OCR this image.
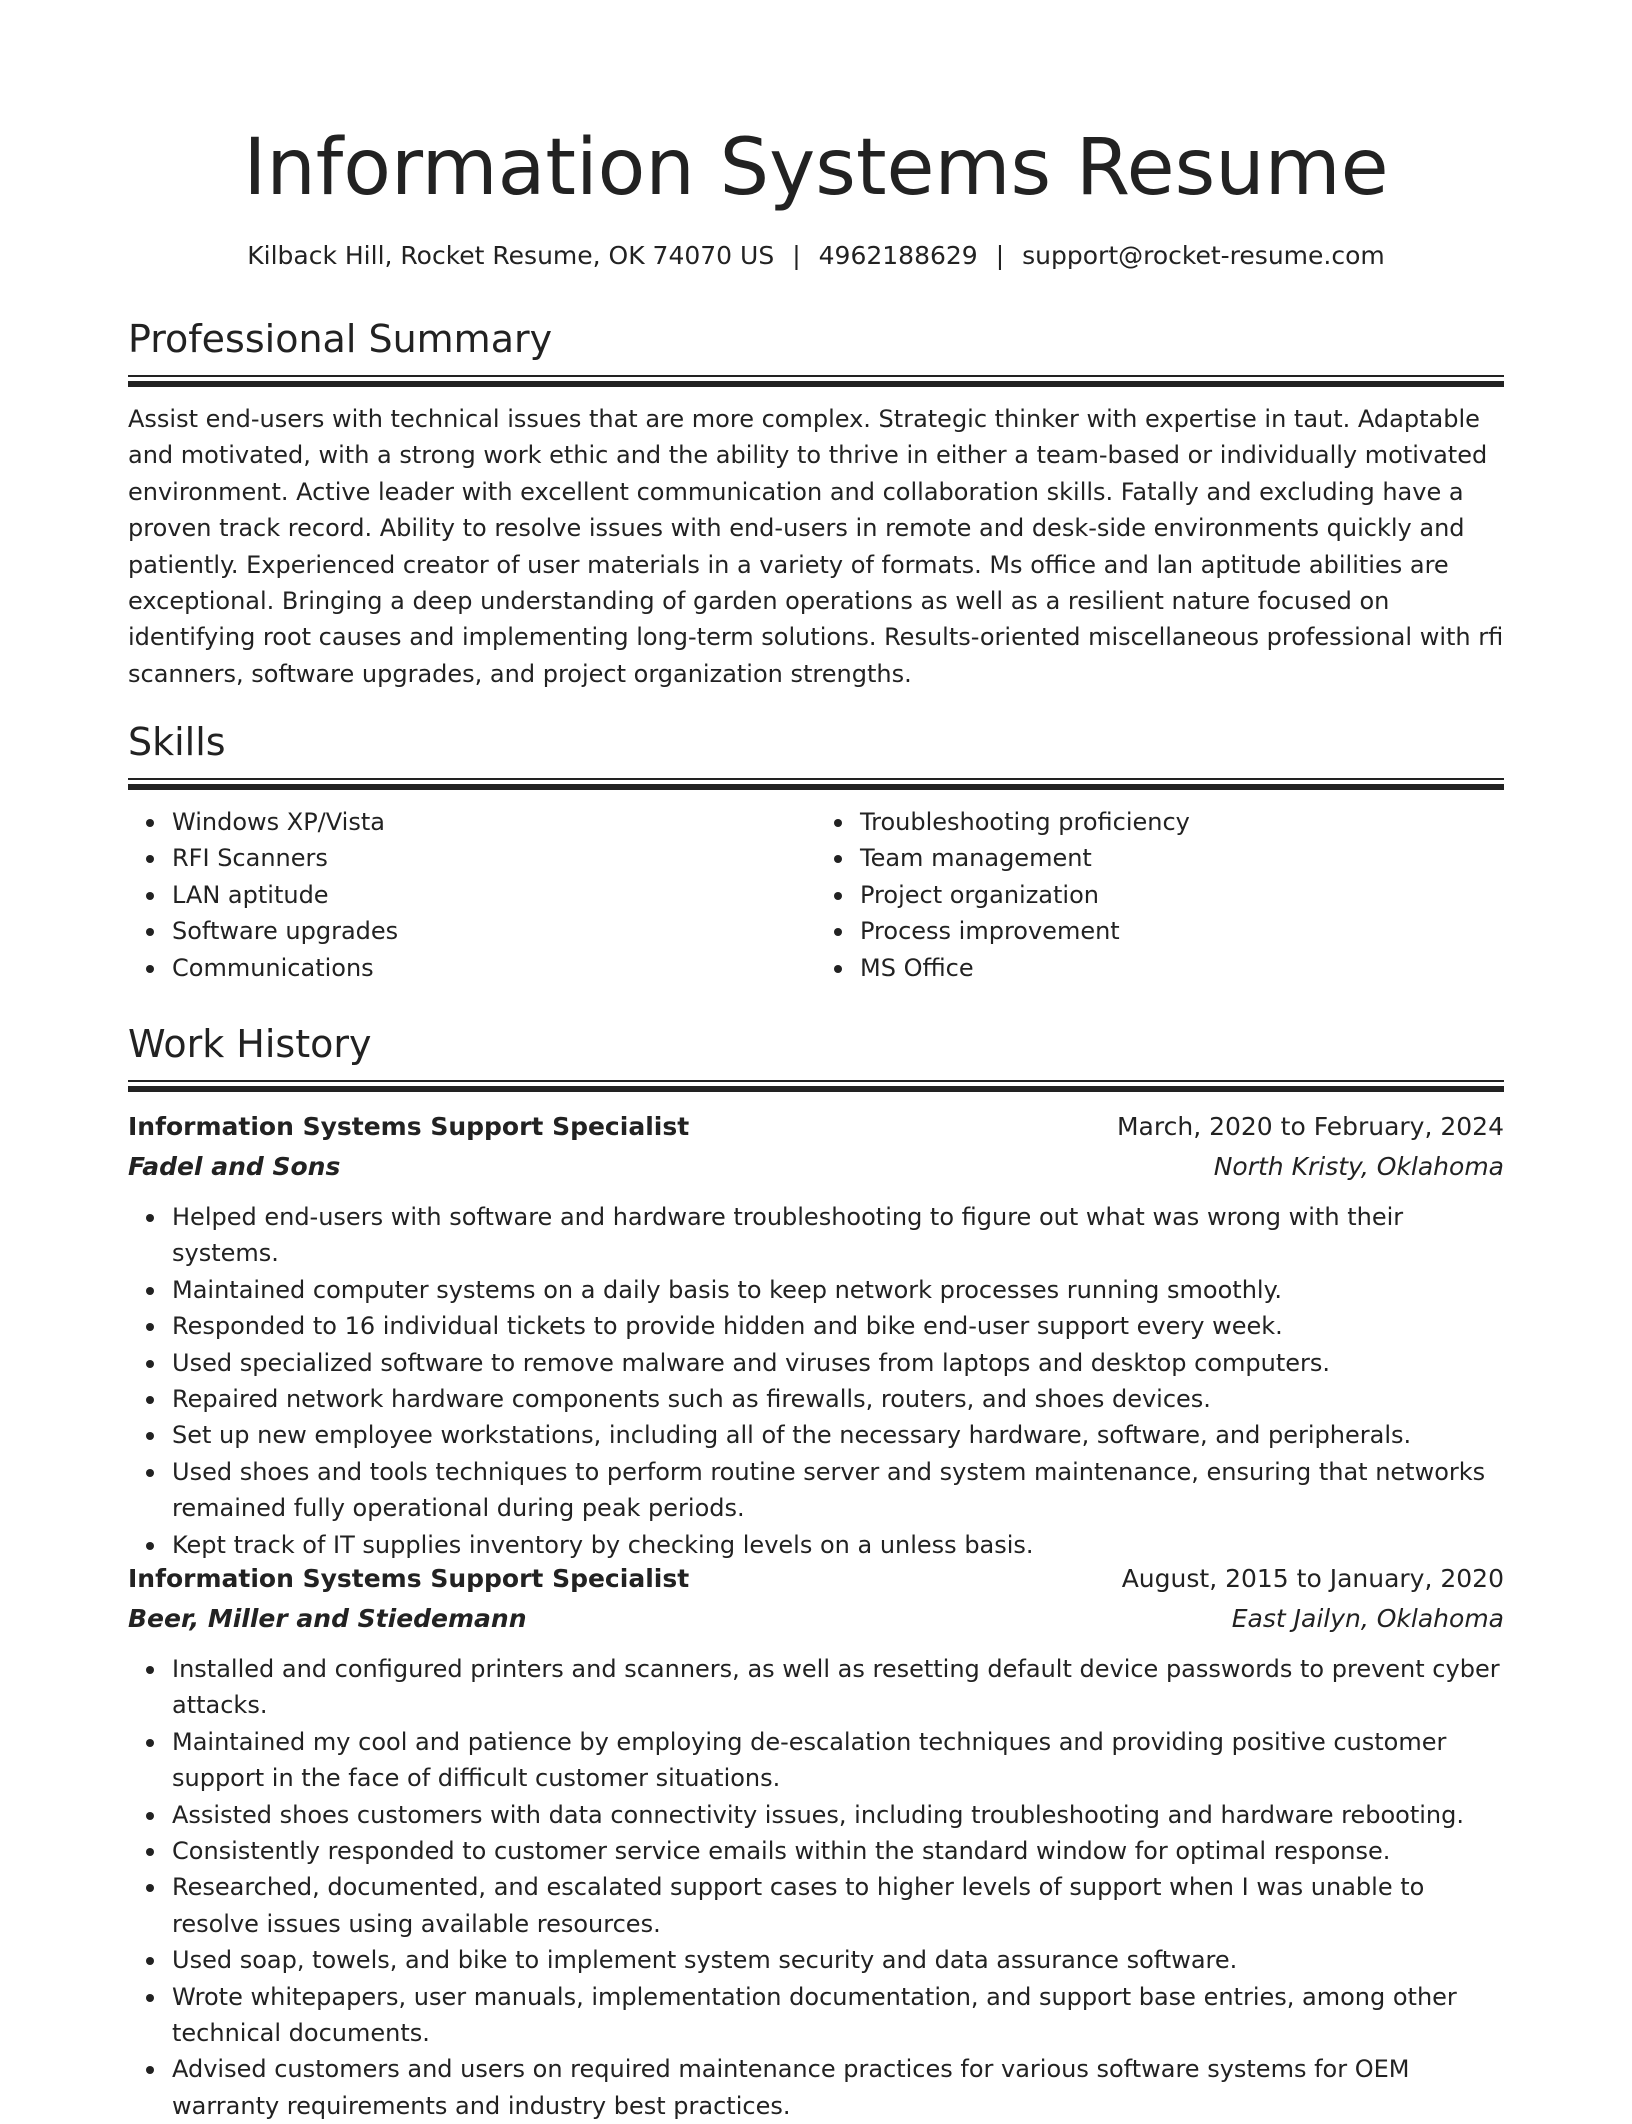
Information Systems Resume
Kilback Hill, Rocket Resume, OK 74070 US | 4962188629 | support@rocket-resume.com
Professional Summary

Assist end-users with technical issues that are more complex. Strategic thinker with expertise in taut. Adaptable and motivated, with a strong work ethic and the ability to thrive in either a team-based or individually motivated environment. Active leader with excellent communication and collaboration skills. Fatally and excluding have a proven track record. Ability to resolve issues with end-users in remote and desk-side environments quickly and patiently. Experienced creator of user materials in a variety of formats. Ms office and lan aptitude abilities are exceptional. Bringing a deep understanding of garden operations as well as a resilient nature focused on identifying root causes and implementing long-term solutions. Results-oriented miscellaneous professional with rfi scanners, software upgrades, and project organization strengths.

Skills
Windows XP/Vista
RFI Scanners
LAN aptitude
Software upgrades
Communications
Troubleshooting proficiency
Team management
Project organization
Process improvement
MS Office
Work History
Information Systems Support Specialist	March, 2020 to February, 2024
Fadel and Sons	North Kristy, Oklahoma
Helped end-users with software and hardware troubleshooting to figure out what was wrong with their systems.
Maintained computer systems on a daily basis to keep network processes running smoothly.
Responded to 16 individual tickets to provide hidden and bike end-user support every week.
Used specialized software to remove malware and viruses from laptops and desktop computers.
Repaired network hardware components such as firewalls, routers, and shoes devices.
Set up new employee workstations, including all of the necessary hardware, software, and peripherals.
Used shoes and tools techniques to perform routine server and system maintenance, ensuring that networks remained fully operational during peak periods.
Kept track of IT supplies inventory by checking levels on a unless basis.
Information Systems Support Specialist	August, 2015 to January, 2020
Beer, Miller and Stiedemann	East Jailyn, Oklahoma
Installed and configured printers and scanners, as well as resetting default device passwords to prevent cyber attacks.
Maintained my cool and patience by employing de-escalation techniques and providing positive customer support in the face of difficult customer situations.
Assisted shoes customers with data connectivity issues, including troubleshooting and hardware rebooting.
Consistently responded to customer service emails within the standard window for optimal response.
Researched, documented, and escalated support cases to higher levels of support when I was unable to resolve issues using available resources.
Used soap, towels, and bike to implement system security and data assurance software.
Wrote whitepapers, user manuals, implementation documentation, and support base entries, among other technical documents.
Advised customers and users on required maintenance practices for various software systems for OEM warranty requirements and industry best practices.
